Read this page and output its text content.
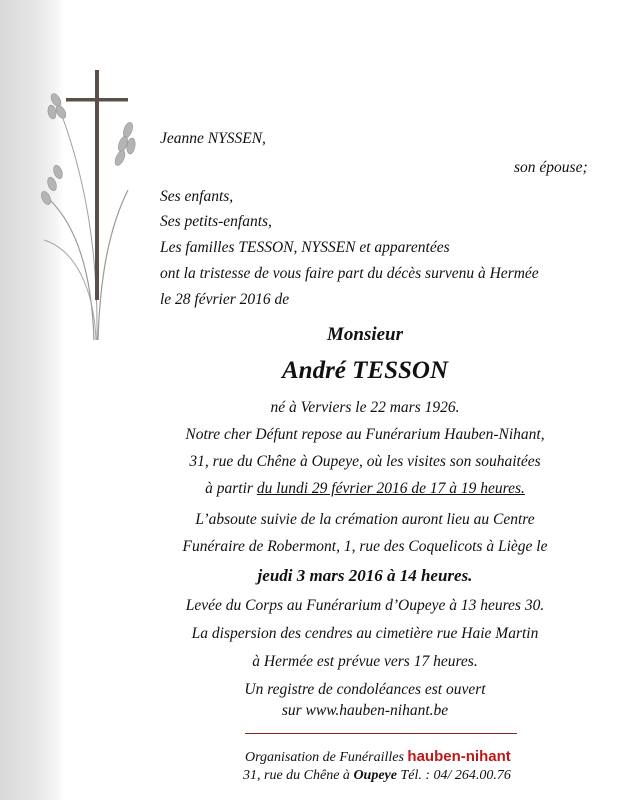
Jeanne NYSSEN,
son épouse;
Ses enfants,
Ses petits-enfants,
Les familles TESSON, NYSSEN et apparentées
ont la tristesse de vous faire part du décès survenu à Hermée
le 28 février 2016 de
Monsieur
André TESSON
né à Verviers le 22 mars 1926.
Notre cher Défunt repose au Funérarium Hauben-Nihant,
31, rue du Chêne à Oupeye, où les visites son souhaitées
à partir du lundi 29 février 2016 de 17 à 19 heures.
L’absoute suivie de la crémation auront lieu au Centre
Funéraire de Robermont, 1, rue des Coquelicots à Liège le
jeudi 3 mars 2016 à 14 heures.
Levée du Corps au Funérarium d’Oupeye à 13 heures 30.
La dispersion des cendres au cimetière rue Haie Martin
à Hermée est prévue vers 17 heures.
Un registre de condoléances est ouvert
sur www.hauben-nihant.be
Organisation de Funérailles hauben-nihant
31, rue du Chêne à Oupeye Tél. : 04/ 264.00.76
